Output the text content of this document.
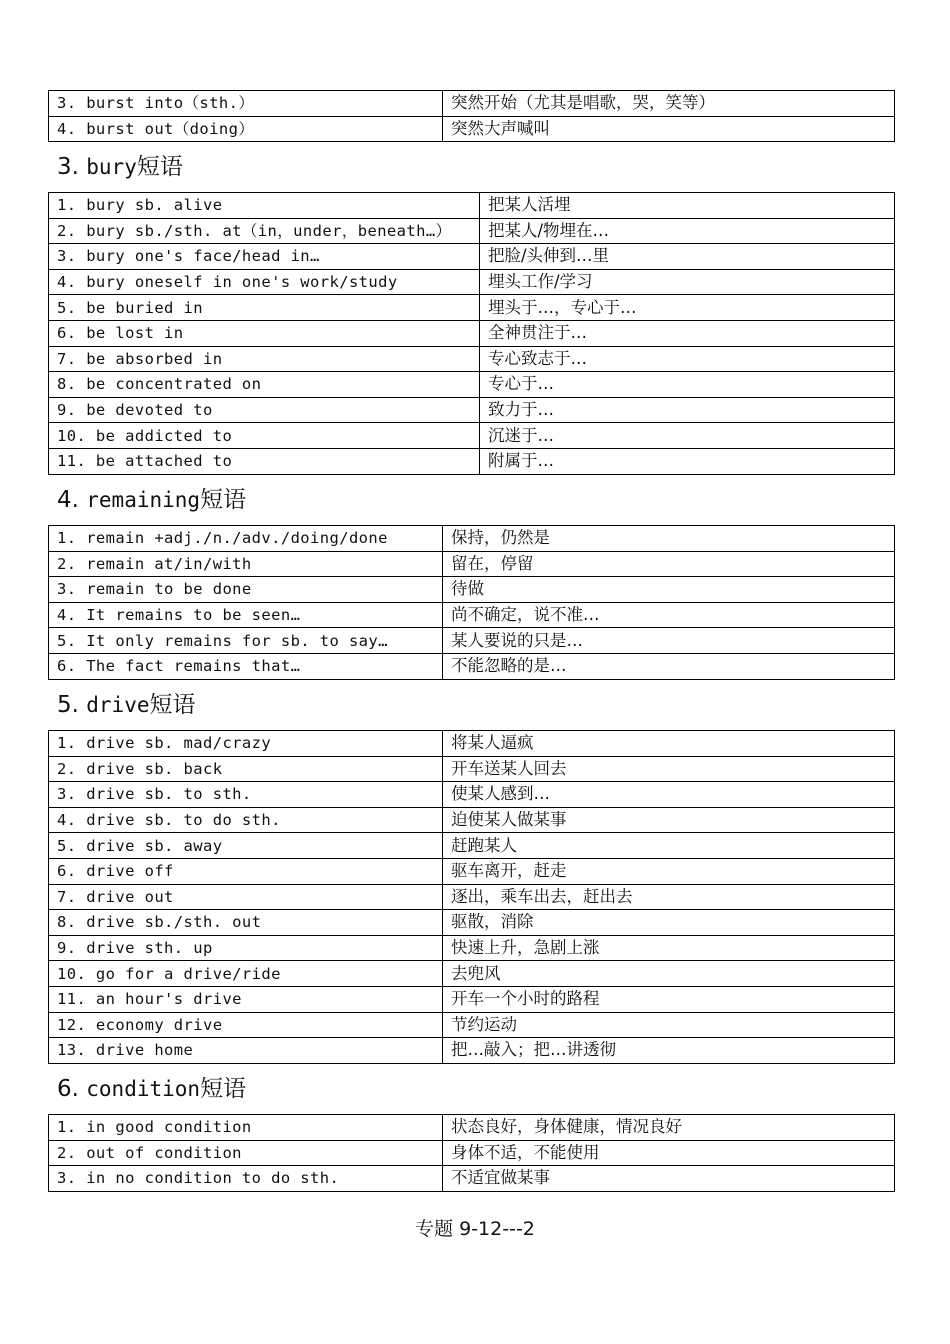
3. burst into（sth.）	突然开始（尤其是唱歌，哭，笑等）
4. burst out（doing）	突然大声喊叫
3. bury短语
1. bury sb. alive	把某人活埋
2. bury sb./sth. at（in，under，beneath…）	把某人/物埋在…
3. bury one's face/head in…	把脸/头伸到…里
4. bury oneself in one's work/study	埋头工作/学习
5. be buried in	埋头于…，专心于…
6. be lost in	全神贯注于…
7. be absorbed in	专心致志于…
8. be concentrated on	专心于…
9. be devoted to	致力于…
10. be addicted to	沉迷于…
11. be attached to	附属于…
4. remaining短语
1. remain +adj./n./adv./doing/done	保持，仍然是
2. remain at/in/with	留在，停留
3. remain to be done	待做
4. It remains to be seen…	尚不确定，说不准…
5. It only remains for sb. to say…	某人要说的只是…
6. The fact remains that…	不能忽略的是…
5. drive短语
1. drive sb. mad/crazy	将某人逼疯
2. drive sb. back	开车送某人回去
3. drive sb. to sth.	使某人感到…
4. drive sb. to do sth.	迫使某人做某事
5. drive sb. away	赶跑某人
6. drive off	驱车离开，赶走
7. drive out	逐出，乘车出去，赶出去
8. drive sb./sth. out	驱散，消除
9. drive sth. up	快速上升，急剧上涨
10. go for a drive/ride	去兜风
11. an hour's drive	开车一个小时的路程
12. economy drive	节约运动
13. drive home	把…敲入；把…讲透彻
6. condition短语
1. in good condition	状态良好，身体健康，情况良好
2. out of condition	身体不适，不能使用
3. in no condition to do sth.	不适宜做某事
专题 9-12---2
